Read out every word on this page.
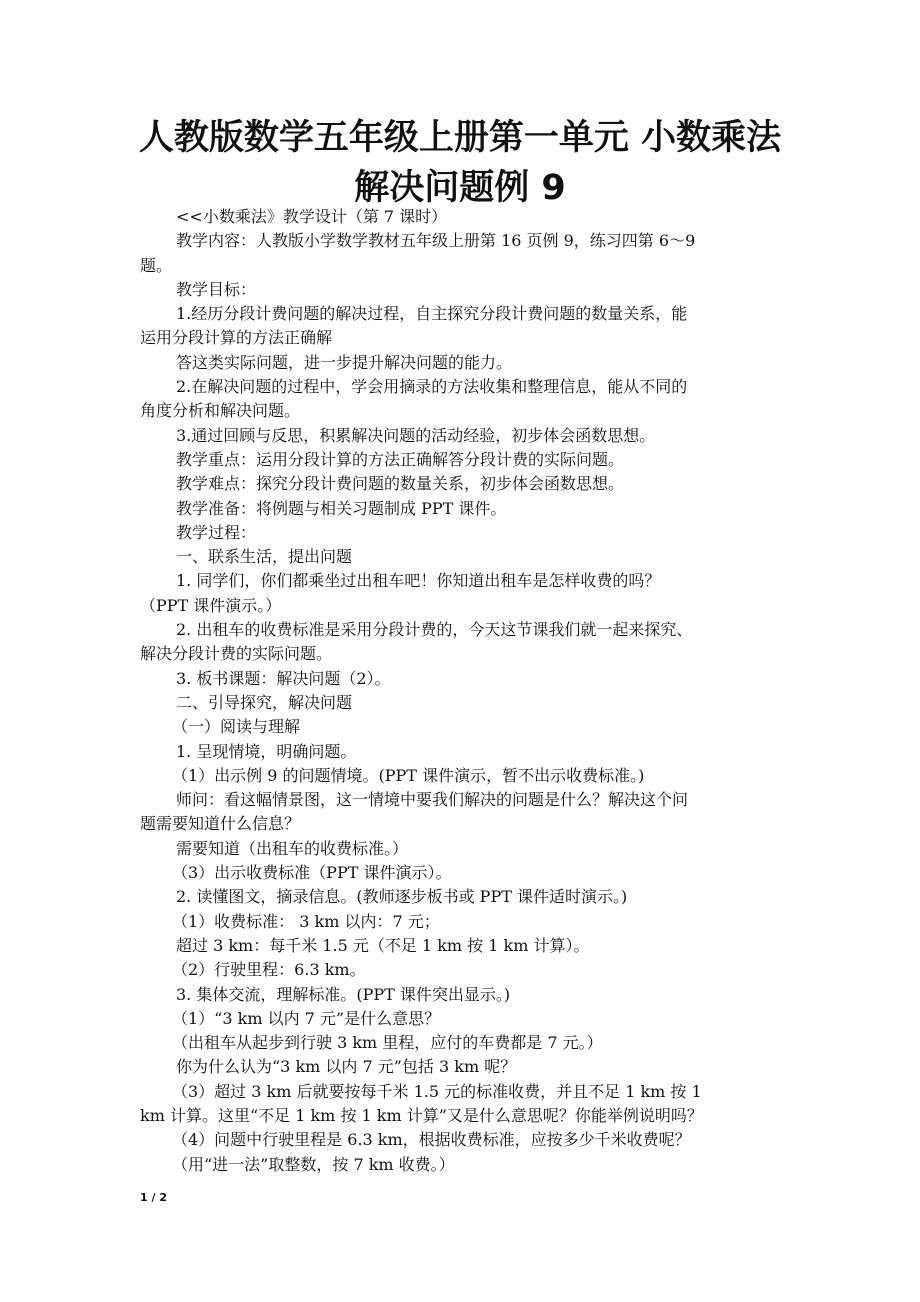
人教版数学五年级上册第一单元 小数乘法
解决问题例 9
<<小数乘法》教学设计（第 7 课时）
教学内容：人教版小学数学教材五年级上册第 16 页例 9，练习四第 6～9
题。
教学目标：
1.经历分段计费问题的解决过程，自主探究分段计费问题的数量关系，能
运用分段计算的方法正确解
答这类实际问题，进一步提升解决问题的能力。
2.在解决问题的过程中，学会用摘录的方法收集和整理信息，能从不同的
角度分析和解决问题。
3.通过回顾与反思，积累解决问题的活动经验，初步体会函数思想。
教学重点：运用分段计算的方法正确解答分段计费的实际问题。
教学难点：探究分段计费问题的数量关系，初步体会函数思想。
教学准备：将例题与相关习题制成 PPT 课件。
教学过程：
一、联系生活，提出问题
1. 同学们，你们都乘坐过出租车吧！你知道出租车是怎样收费的吗？
（PPT 课件演示。）
2. 出租车的收费标准是采用分段计费的，今天这节课我们就一起来探究、
解决分段计费的实际问题。
3. 板书课题：解决问题（2）。
二、引导探究，解决问题
（一）阅读与理解
1. 呈现情境，明确问题。
（1）出示例 9 的问题情境。(PPT 课件演示，暂不出示收费标准。)
师问：看这幅情景图，这一情境中要我们解决的问题是什么？解决这个问
题需要知道什么信息？
需要知道（出租车的收费标准。）
（3）出示收费标准（PPT 课件演示）。
2. 读懂图文，摘录信息。(教师逐步板书或 PPT 课件适时演示。)
（1）收费标准： 3 km 以内：7 元；
超过 3 km：每千米 1.5 元（不足 1 km 按 1 km 计算）。
（2）行驶里程：6.3 km。
3. 集体交流，理解标准。(PPT 课件突出显示。)
（1）“3 km 以内 7 元”是什么意思？
（出租车从起步到行驶 3 km 里程，应付的车费都是 7 元。）
你为什么认为“3 km 以内 7 元”包括 3 km 呢？
（3）超过 3 km 后就要按每千米 1.5 元的标准收费，并且不足 1 km 按 1
km 计算。这里“不足 1 km 按 1 km 计算”又是什么意思呢？你能举例说明吗？
（4）问题中行驶里程是 6.3 km，根据收费标准，应按多少千米收费呢？
（用“进一法”取整数，按 7 km 收费。）
1 / 2
